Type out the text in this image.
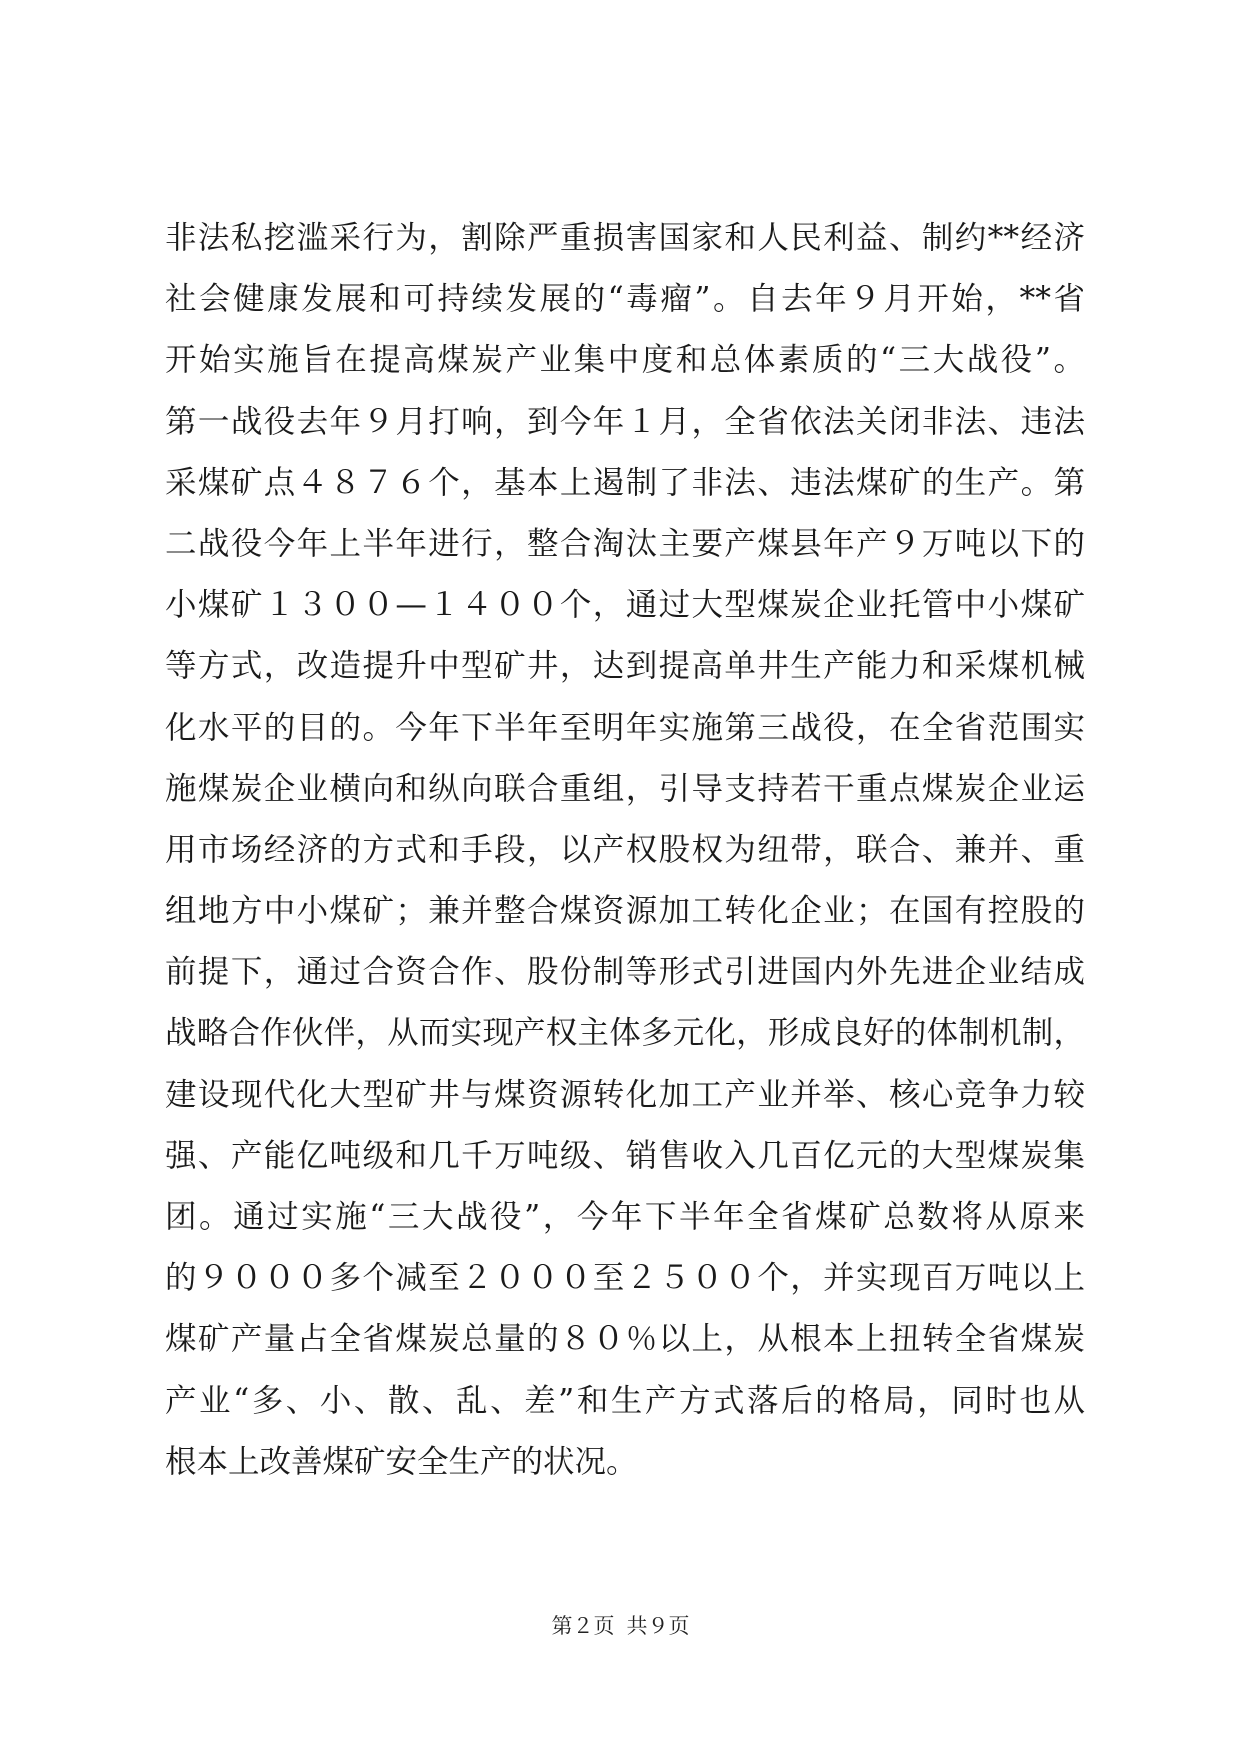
非法私挖滥采行为，割除严重损害国家和人民利益、制约**经济
社会健康发展和可持续发展的“毒瘤”。自去年９月开始，**省
开始实施旨在提高煤炭产业集中度和总体素质的“三大战役”。
第一战役去年９月打响，到今年１月，全省依法关闭非法、违法
采煤矿点４８７６个，基本上遏制了非法、违法煤矿的生产。第
二战役今年上半年进行，整合淘汰主要产煤县年产９万吨以下的
小煤矿１３００—１４００个，通过大型煤炭企业托管中小煤矿
等方式，改造提升中型矿井，达到提高单井生产能力和采煤机械
化水平的目的。今年下半年至明年实施第三战役，在全省范围实
施煤炭企业横向和纵向联合重组，引导支持若干重点煤炭企业运
用市场经济的方式和手段，以产权股权为纽带，联合、兼并、重
组地方中小煤矿；兼并整合煤资源加工转化企业；在国有控股的
前提下，通过合资合作、股份制等形式引进国内外先进企业结成
战略合作伙伴，从而实现产权主体多元化，形成良好的体制机制，
建设现代化大型矿井与煤资源转化加工产业并举、核心竞争力较
强、产能亿吨级和几千万吨级、销售收入几百亿元的大型煤炭集
团。通过实施“三大战役”，今年下半年全省煤矿总数将从原来
的９０００多个减至２０００至２５００个，并实现百万吨以上
煤矿产量占全省煤炭总量的８０％以上，从根本上扭转全省煤炭
产业“多、小、散、乱、差”和生产方式落后的格局，同时也从
根本上改善煤矿安全生产的状况。
第２页 共９页
